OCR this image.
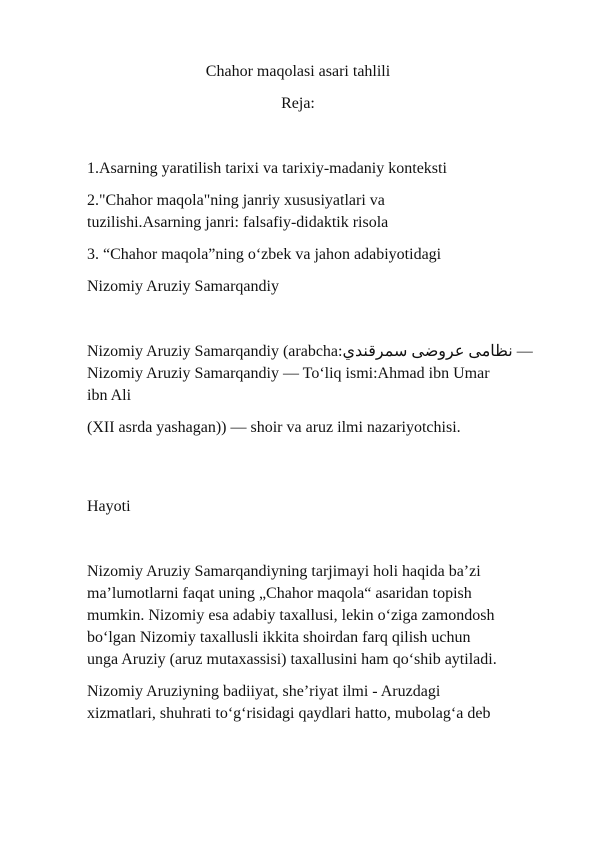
Chahor maqolasi asari tahlili
Reja:
1.Asarning yaratilish tarixi va tarixiy-madaniy konteksti
2."Chahor maqola"ning janriy xususiyatlari va
tuzilishi.Asarning janri: falsafiy-didaktik risola
3. “Chahor maqola”ning o‘zbek va jahon adabiyotidagi
Nizomiy Aruziy Samarqandiy
Nizomiy Aruziy Samarqandiy (arabcha:نظامی عروضی سمرقندي —
Nizomiy Aruziy Samarqandiy — To‘liq ismi:Ahmad ibn Umar
ibn Ali
(XII asrda yashagan)) — shoir va aruz ilmi nazariyotchisi.
Hayoti
Nizomiy Aruziy Samarqandiyning tarjimayi holi haqida ba’zi
ma’lumotlarni faqat uning „Chahor maqola“ asaridan topish
mumkin. Nizomiy esa adabiy taxallusi, lekin o‘ziga zamondosh
bo‘lgan Nizomiy taxallusli ikkita shoirdan farq qilish uchun
unga Aruziy (aruz mutaxassisi) taxallusini ham qo‘shib aytiladi.
Nizomiy Aruziyning badiiyat, she’riyat ilmi - Aruzdagi
xizmatlari, shuhrati to‘g‘risidagi qaydlari hatto, mubolag‘a deb
